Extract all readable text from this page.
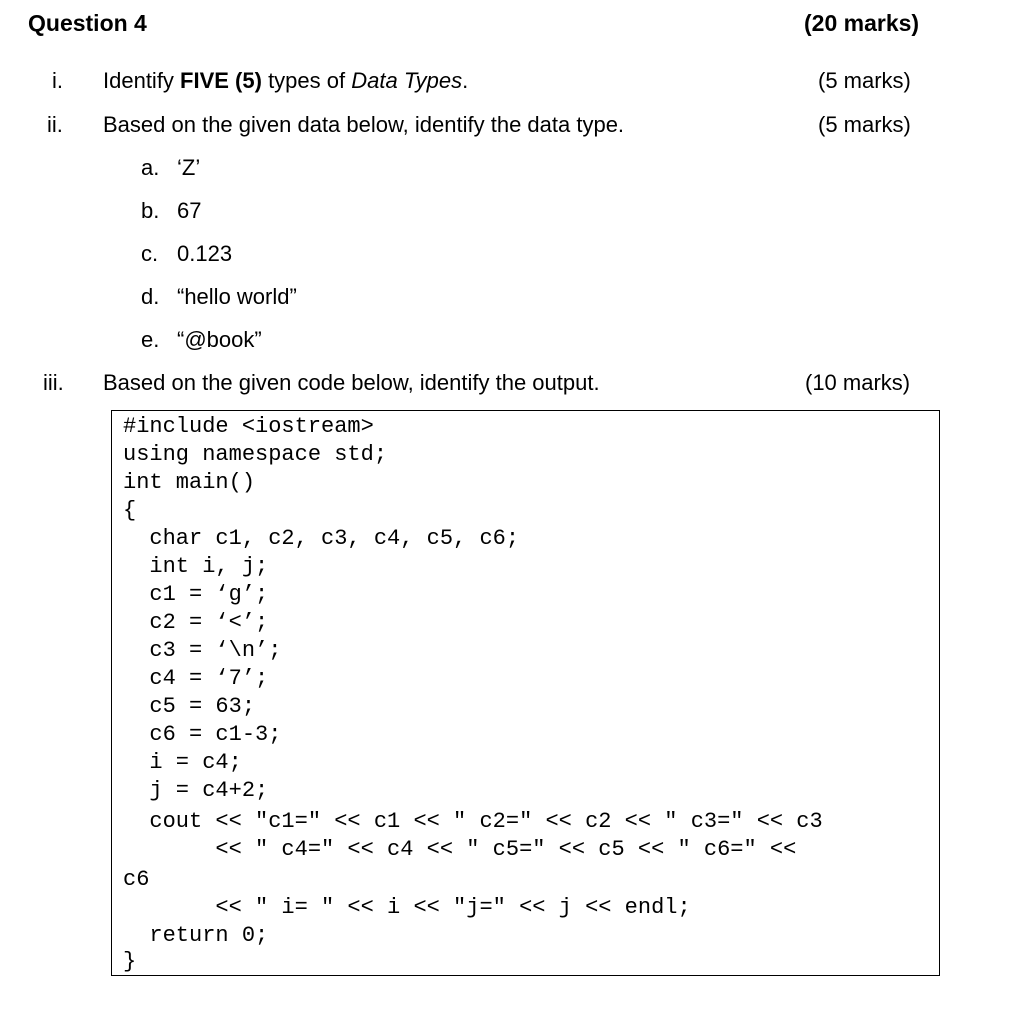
Question 4	(20 marks)
i. Identify FIVE (5) types of Data Types.	(5 marks)
ii. Based on the given data below, identify the data type.	(5 marks)
a. ‘Z’
b. 67
c. 0.123
d. “hello world”
e. “@book”
iii. Based on the given code below, identify the output.	(10 marks)
#include <iostream>
using namespace std;
int main()
{
char c1, c2, c3, c4, c5, c6;
int i, j;
c1 = ‘g’;
c2 = ‘<’;
c3 = ‘\n’;
c4 = ‘7’;
c5 = 63;
c6 = c1-3;
i = c4;
j = c4+2;
cout << "c1=" << c1 << " c2=" << c2 << " c3=" << c3
<< " c4=" << c4 << " c5=" << c5 << " c6=" <<
c6
<< " i= " << i << "j=" << j << endl;
return 0;
}
